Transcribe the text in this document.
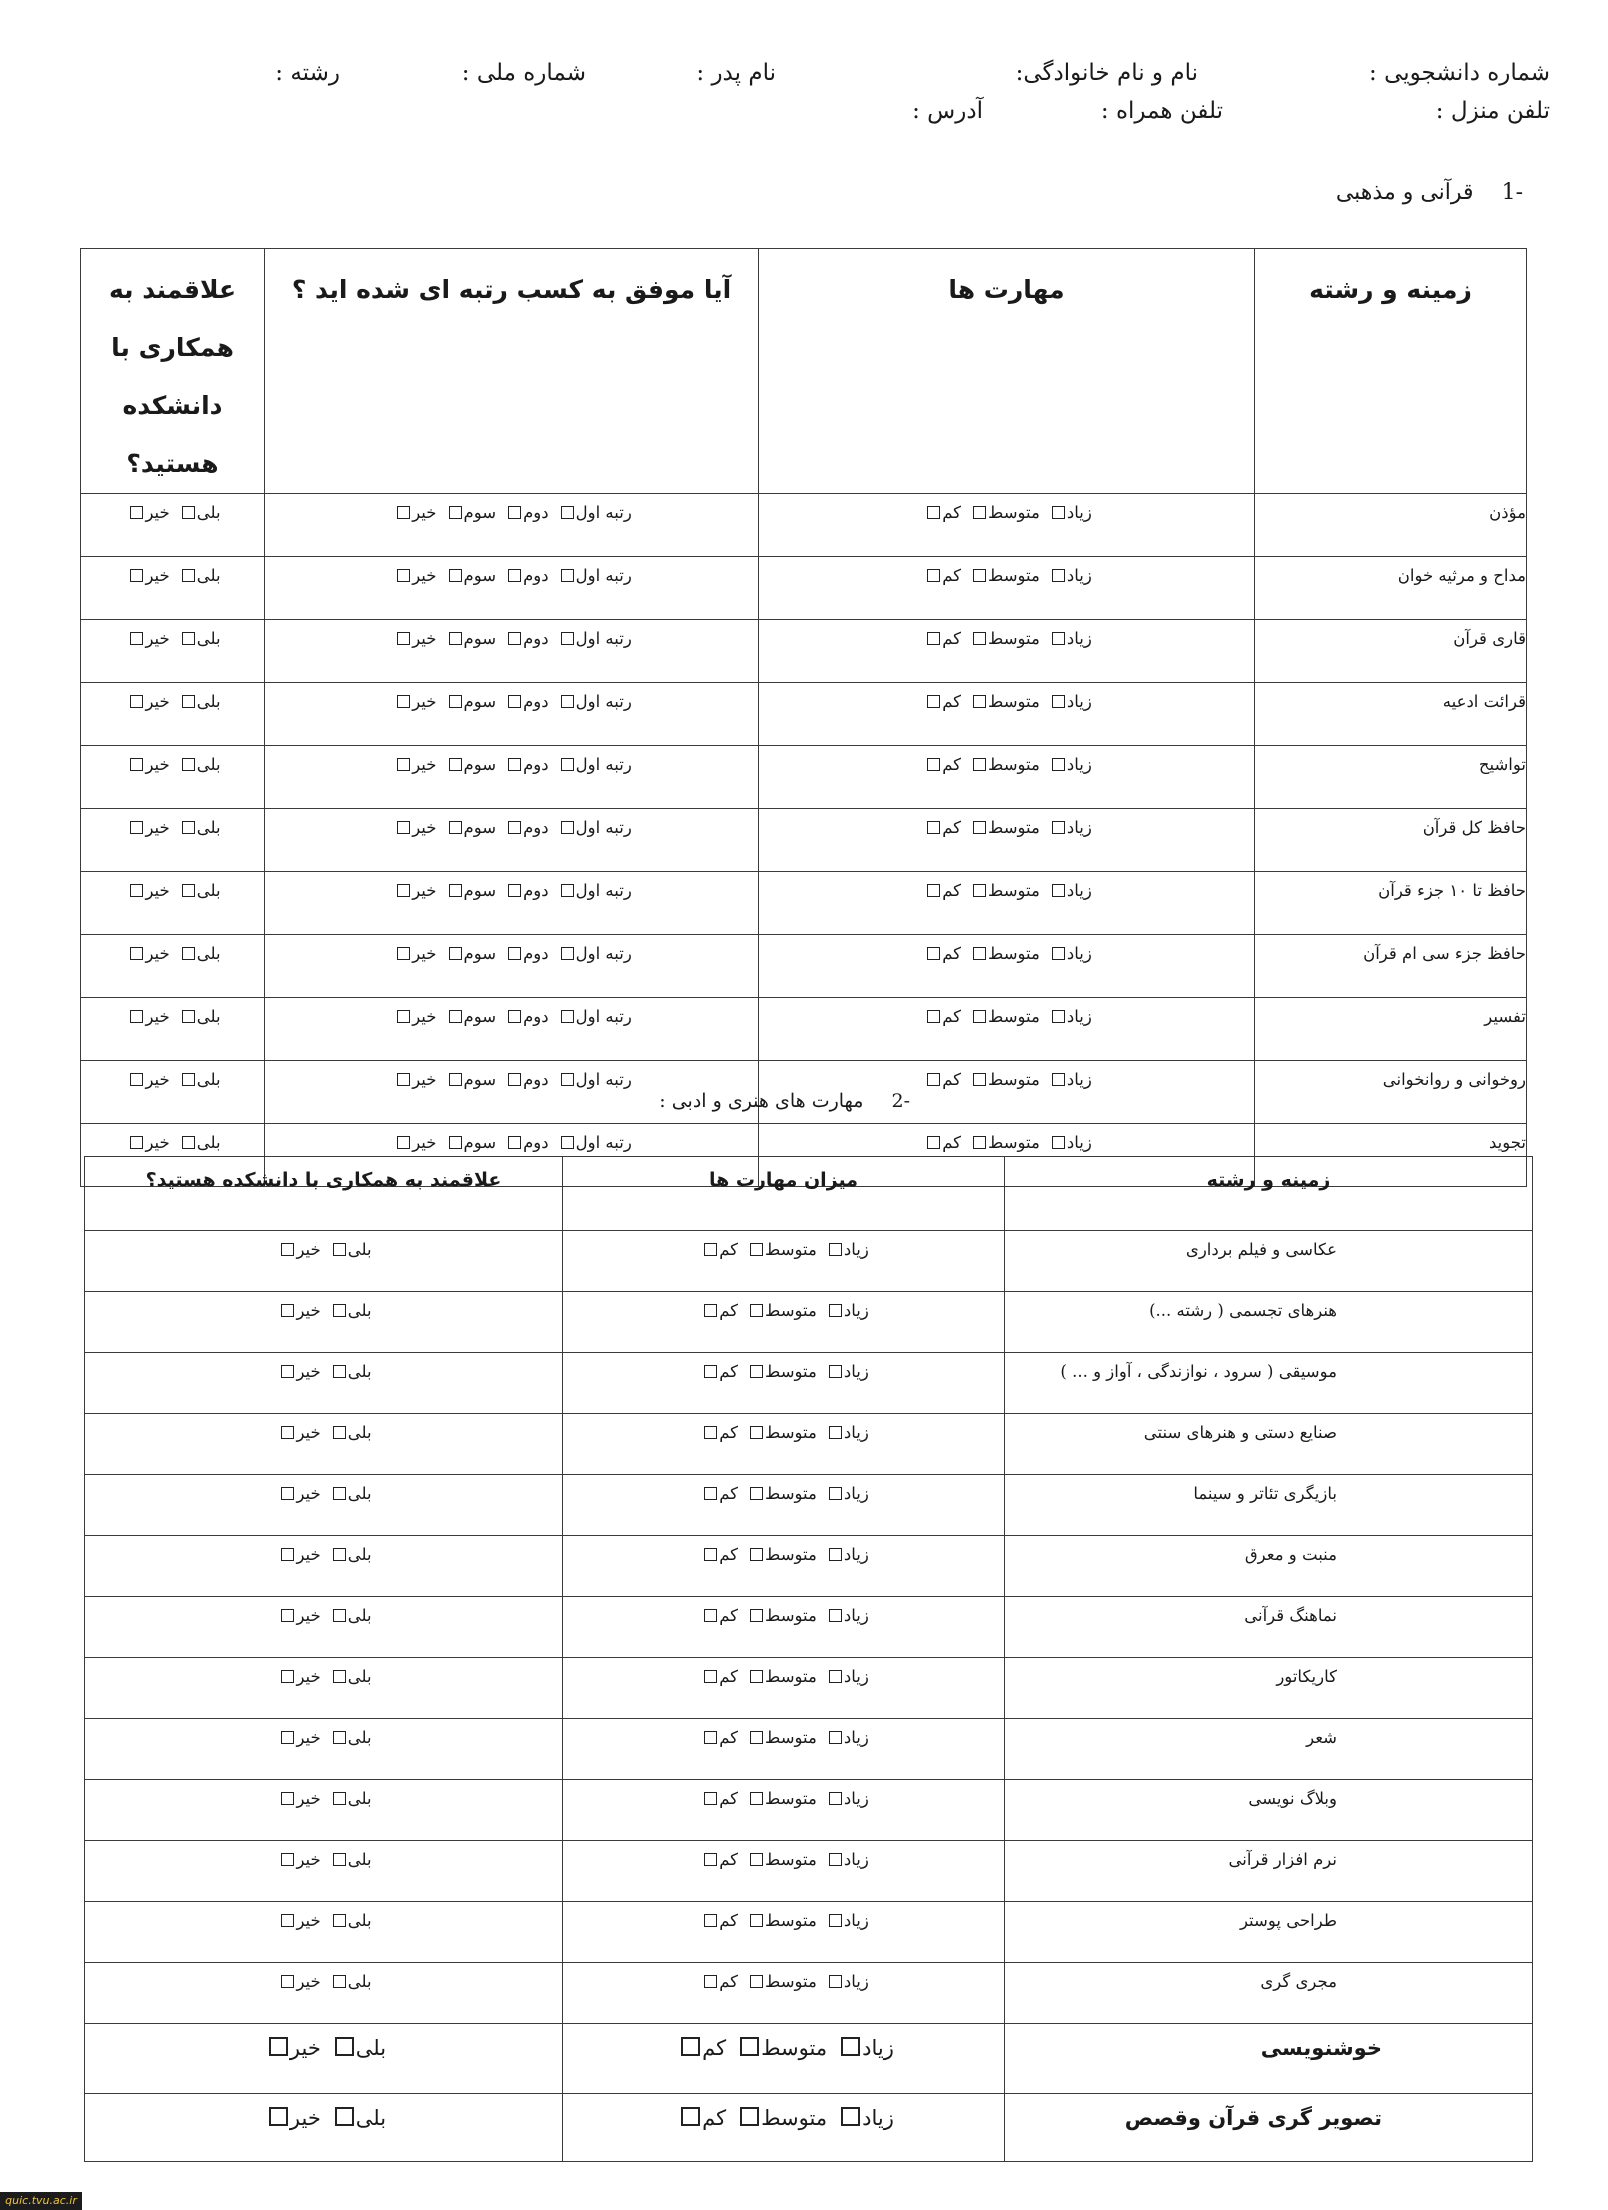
شماره دانشجویی :
نام و نام خانوادگی:
نام پدر :
شماره ملی :
رشته :
تلفن منزل :
تلفن همراه :
آدرس :
-1قرآنی و مذهبی
زمینه و رشته	مهارت ها	آیا موفق به کسب رتبه ای شده اید ؟	علاقمند به همکاری با
دانشکده هستید؟
مؤذن	زیادمتوسطکم	رتبه اولدومسومخیر	بلیخیر
مداح و مرثیه خوان	زیادمتوسطکم	رتبه اولدومسومخیر	بلیخیر
قاری قرآن	زیادمتوسطکم	رتبه اولدومسومخیر	بلیخیر
قرائت ادعیه	زیادمتوسطکم	رتبه اولدومسومخیر	بلیخیر
تواشیح	زیادمتوسطکم	رتبه اولدومسومخیر	بلیخیر
حافظ کل قرآن	زیادمتوسطکم	رتبه اولدومسومخیر	بلیخیر
حافظ تا ۱۰ جزء قرآن	زیادمتوسطکم	رتبه اولدومسومخیر	بلیخیر
حافظ جزء سی ام قرآن	زیادمتوسطکم	رتبه اولدومسومخیر	بلیخیر
تفسیر	زیادمتوسطکم	رتبه اولدومسومخیر	بلیخیر
روخوانی و روانخوانی	زیادمتوسطکم	رتبه اولدومسومخیر	بلیخیر
تجوید	زیادمتوسطکم	رتبه اولدومسومخیر	بلیخیر
-2مهارت های هنری و ادبی :
زمینه و رشته	میزان مهارت ها	علاقمند به همکاری با دانشکده هستید؟
عکاسی و فیلم برداری	زیادمتوسطکم	بلیخیر
هنرهای تجسمی ( رشته ...)	زیادمتوسطکم	بلیخیر
موسیقی ( سرود ، نوازندگی ، آواز و ... )	زیادمتوسطکم	بلیخیر
صنایع دستی و هنرهای سنتی	زیادمتوسطکم	بلیخیر
بازیگری تئاتر و سینما	زیادمتوسطکم	بلیخیر
منبت و معرق	زیادمتوسطکم	بلیخیر
نماهنگ قرآنی	زیادمتوسطکم	بلیخیر
کاریکاتور	زیادمتوسطکم	بلیخیر
شعر	زیادمتوسطکم	بلیخیر
وبلاگ نویسی	زیادمتوسطکم	بلیخیر
نرم افزار قرآنی	زیادمتوسطکم	بلیخیر
طراحی پوستر	زیادمتوسطکم	بلیخیر
مجری گری	زیادمتوسطکم	بلیخیر
خوشنویسی	زیادمتوسطکم	بلیخیر
تصویر گری قرآن وقصص	زیادمتوسطکم	بلیخیر
quic.tvu.ac.ir
